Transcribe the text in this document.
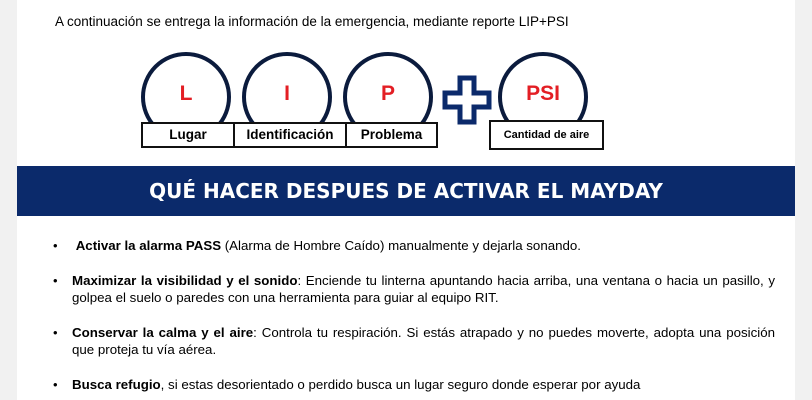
A continuación se entrega la información de la emergencia, mediante reporte LIP+PSI
L	I	P
Lugar	Identificación	Problema
PSI
Cantidad de aire
QUÉ HACER DESPUES DE ACTIVAR EL MAYDAY
• Activar la alarma PASS (Alarma de Hombre Caído) manualmente y dejarla sonando.
• Maximizar la visibilidad y el sonido: Enciende tu linterna apuntando hacia arriba, una ventana o hacia un pasillo, y golpea el suelo o paredes con una herramienta para guiar al equipo RIT.
• Conservar la calma y el aire: Controla tu respiración. Si estás atrapado y no puedes moverte, adopta una posición que proteja tu vía aérea.
• Busca refugio, si estas desorientado o perdido busca un lugar seguro donde esperar por ayuda
